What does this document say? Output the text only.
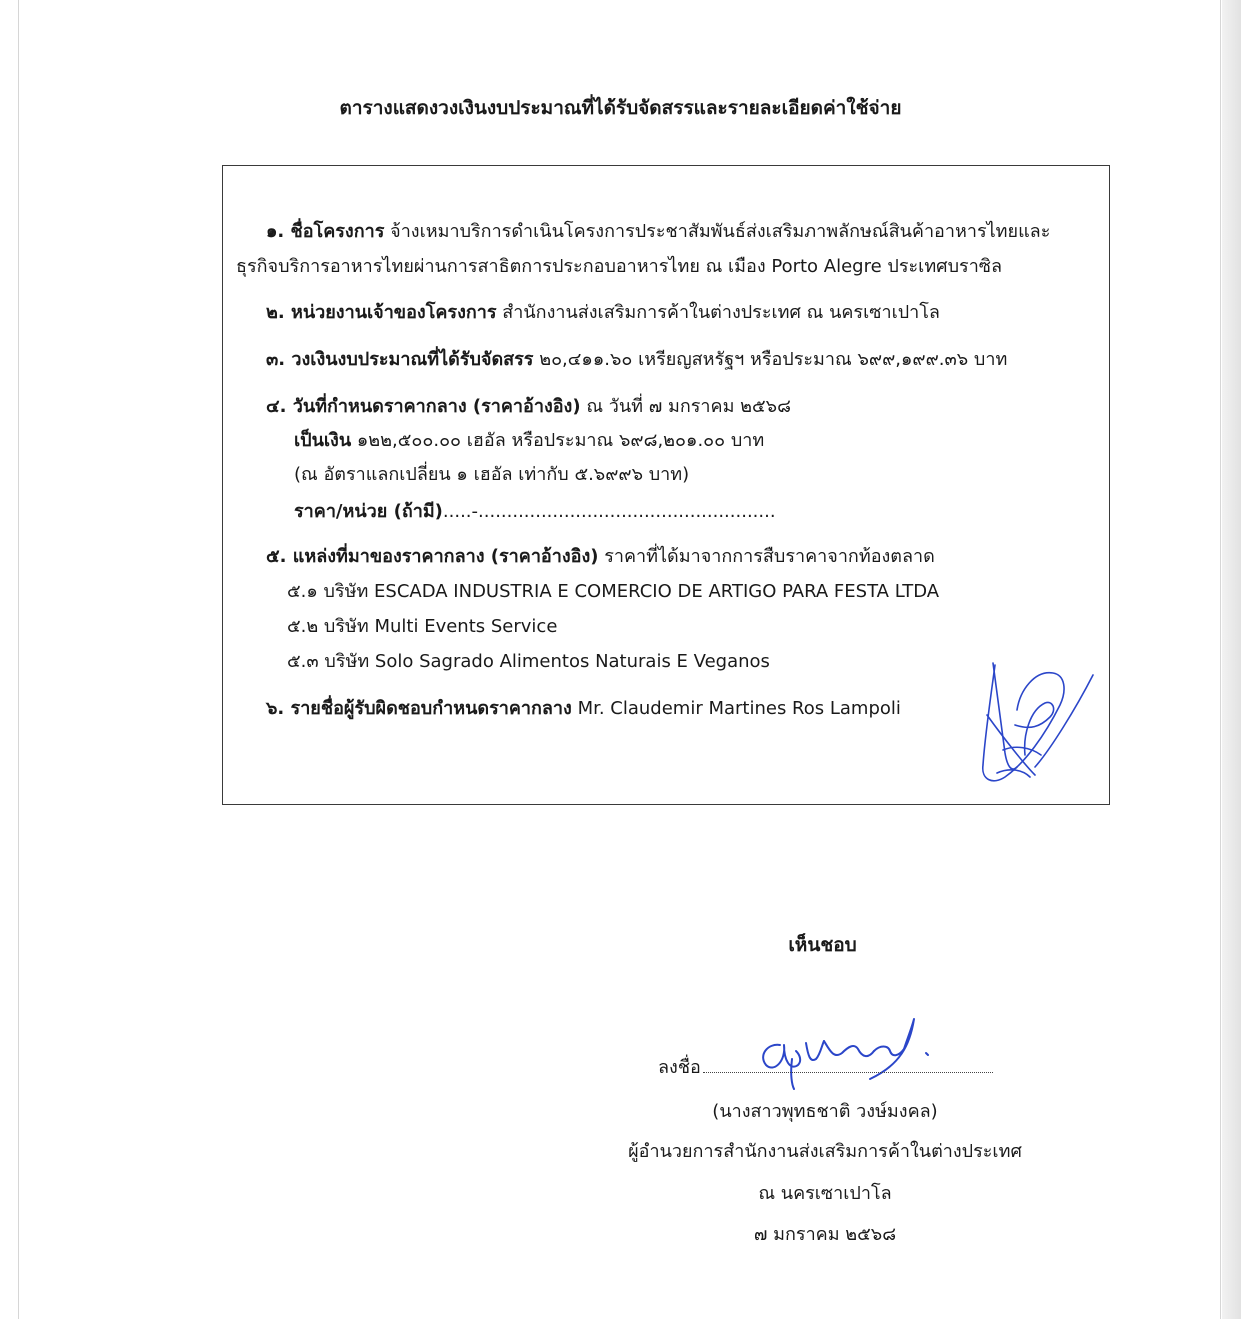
ตารางแสดงวงเงินงบประมาณที่ได้รับจัดสรรและรายละเอียดค่าใช้จ่าย
๑. ชื่อโครงการ จ้างเหมาบริการดำเนินโครงการประชาสัมพันธ์ส่งเสริมภาพลักษณ์สินค้าอาหารไทยและ
ธุรกิจบริการอาหารไทยผ่านการสาธิตการประกอบอาหารไทย ณ เมือง Porto Alegre ประเทศบราซิล
๒. หน่วยงานเจ้าของโครงการ สำนักงานส่งเสริมการค้าในต่างประเทศ ณ นครเซาเปาโล
๓. วงเงินงบประมาณที่ได้รับจัดสรร ๒๐,๔๑๑.๖๐ เหรียญสหรัฐฯ หรือประมาณ ๖๙๙,๑๙๙.๓๖ บาท
๔. วันที่กำหนดราคากลาง (ราคาอ้างอิง) ณ วันที่ ๗ มกราคม ๒๕๖๘
เป็นเงิน ๑๒๒,๕๐๐.๐๐ เฮอัล หรือประมาณ ๖๙๘,๒๐๑.๐๐ บาท
(ณ อัตราแลกเปลี่ยน ๑ เฮอัล เท่ากับ ๕.๖๙๙๖ บาท)
ราคา/หน่วย (ถ้ามี).....-....................................................
๕. แหล่งที่มาของราคากลาง (ราคาอ้างอิง) ราคาที่ได้มาจากการสืบราคาจากท้องตลาด
๕.๑ บริษัท ESCADA INDUSTRIA E COMERCIO DE ARTIGO PARA FESTA LTDA
๕.๒ บริษัท Multi Events Service
๕.๓ บริษัท Solo Sagrado Alimentos Naturais E Veganos
๖. รายชื่อผู้รับผิดชอบกำหนดราคากลาง Mr. Claudemir Martines Ros Lampoli
เห็นชอบ
ลงชื่อ
(นางสาวพุทธชาติ วงษ์มงคล)
ผู้อำนวยการสำนักงานส่งเสริมการค้าในต่างประเทศ
ณ นครเซาเปาโล
๗ มกราคม ๒๕๖๘
